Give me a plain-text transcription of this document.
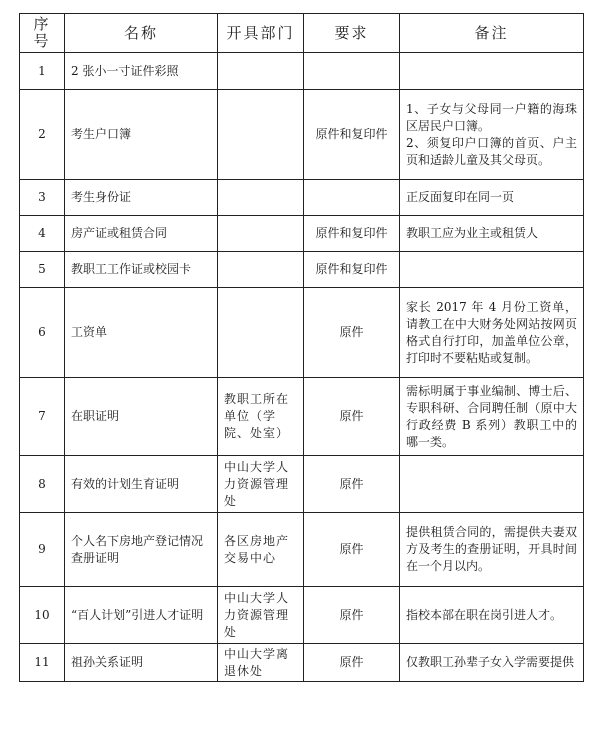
序号	名称	开具部门	要求	备注
1	2 张小一寸证件彩照			
2	考生户口簿		原件和复印件	1、子女与父母同一户籍的海珠区居民户口簿。
2、须复印户口簿的首页、户主页和适龄儿童及其父母页。
3	考生身份证			正反面复印在同一页
4	房产证或租赁合同		原件和复印件	教职工应为业主或租赁人
5	教职工工作证或校园卡		原件和复印件	
6	工资单		原件	家长 2017 年 4 月份工资单，请教工在中大财务处网站按网页格式自行打印，加盖单位公章，打印时不要粘贴或复制。
7	在职证明	教职工所在单位（学院、处室）	原件	需标明属于事业编制、博士后、专职科研、合同聘任制（原中大行政经费 B 系列）教职工中的哪一类。
8	有效的计划生育证明	中山大学人力资源管理处	原件	
9	个人名下房地产登记情况查册证明	各区房地产交易中心	原件	提供租赁合同的，需提供夫妻双方及考生的查册证明，开具时间在一个月以内。
10	“百人计划”引进人才证明	中山大学人力资源管理处	原件	指校本部在职在岗引进人才。
11	祖孙关系证明	中山大学离退休处	原件	仅教职工孙辈子女入学需要提供
